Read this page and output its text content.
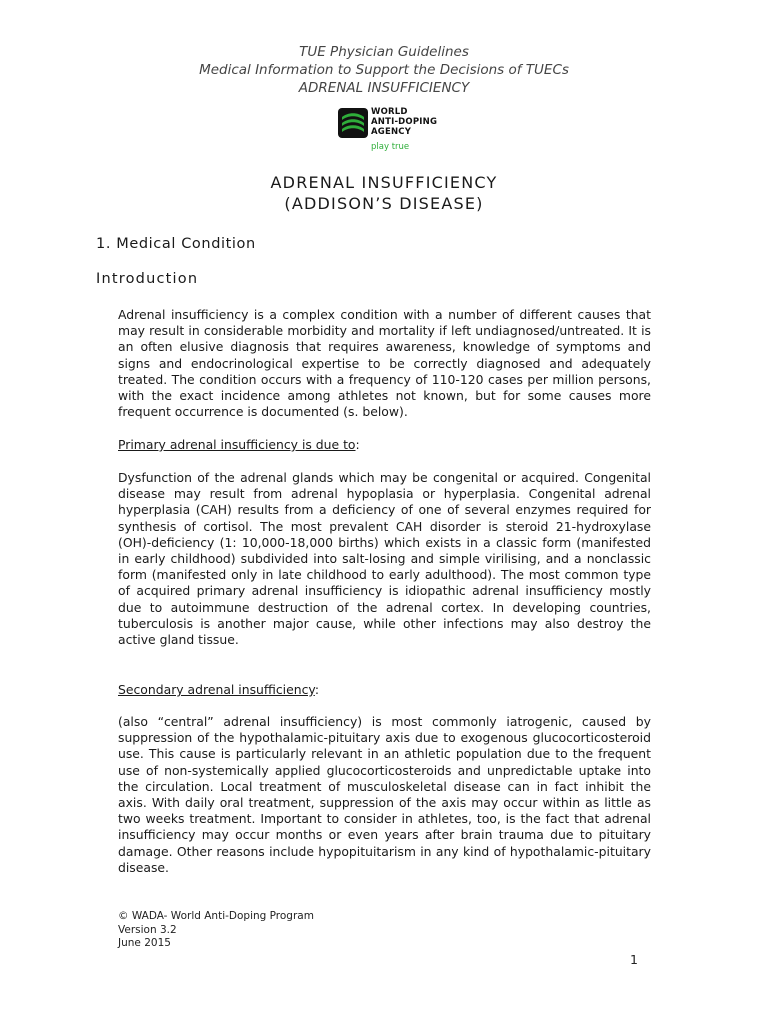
TUE Physician Guidelines
Medical Information to Support the Decisions of TUECs
ADRENAL INSUFFICIENCY
WORLD
ANTI-DOPING
AGENCY
play true
ADRENAL INSUFFICIENCY
(ADDISON’S DISEASE)
1. Medical Condition
Introduction
Adrenal insufficiency is a complex condition with a number of different causes that may result in considerable morbidity and mortality if left undiagnosed/untreated. It is an often elusive diagnosis that requires awareness, knowledge of symptoms and signs and endocrinological expertise to be correctly diagnosed and adequately treated. The condition occurs with a frequency of 110-120 cases per million persons, with the exact incidence among athletes not known, but for some causes more frequent occurrence is documented (s. below).
Primary adrenal insufficiency is due to:
Dysfunction of the adrenal glands which may be congenital or acquired. Congenital disease may result from adrenal hypoplasia or hyperplasia. Congenital adrenal hyperplasia (CAH) results from a deficiency of one of several enzymes required for synthesis of cortisol. The most prevalent CAH disorder is steroid 21-hydroxylase (OH)-deficiency (1: 10,000-18,000 births) which exists in a classic form (manifested in early childhood) subdivided into salt-losing and simple virilising, and a nonclassic form (manifested only in late childhood to early adulthood). The most common type of acquired primary adrenal insufficiency is idiopathic adrenal insufficiency mostly due to autoimmune destruction of the adrenal cortex. In developing countries, tuberculosis is another major cause, while other infections may also destroy the active gland tissue.
Secondary adrenal insufficiency:
(also “central” adrenal insufficiency) is most commonly iatrogenic, caused by suppression of the hypothalamic-pituitary axis due to exogenous glucocorticosteroid use. This cause is particularly relevant in an athletic population due to the frequent use of non-systemically applied glucocorticosteroids and unpredictable uptake into the circulation. Local treatment of musculoskeletal disease can in fact inhibit the axis. With daily oral treatment, suppression of the axis may occur within as little as two weeks treatment. Important to consider in athletes, too, is the fact that adrenal insufficiency may occur months or even years after brain trauma due to pituitary damage. Other reasons include hypopituitarism in any kind of hypothalamic-pituitary disease.
© WADA- World Anti-Doping Program
Version 3.2
June 2015
1
